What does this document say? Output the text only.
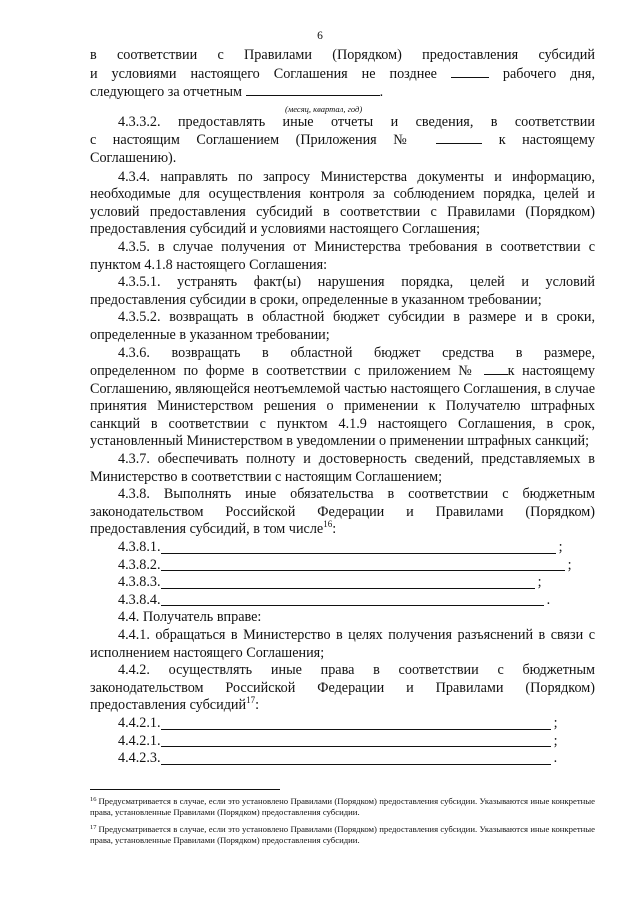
6

в соответствии с Правилами (Порядком) предоставления субсидий

и условиями настоящего Соглашения не позднее	рабочего дня,

следующего за отчетным	.

(месяц, квартал, год)

4.3.3.2. предоставлять иные отчеты и сведения, в соответствии

с настоящим Соглашением (Приложения №	к настоящему

Соглашению).

4.3.4. направлять по запросу Министерства документы и информацию, необходимые для осуществления контроля за соблюдением порядка, целей и условий предоставления субсидий в соответствии с Правилами (Порядком) предоставления субсидий и условиями настоящего Соглашения;

4.3.5. в случае получения от Министерства требования в соответствии с пунктом 4.1.8 настоящего Соглашения:

4.3.5.1. устранять факт(ы) нарушения порядка, целей и условий предоставления субсидии в сроки, определенные в указанном требовании;

4.3.5.2. возвращать в областной бюджет субсидии в размере и в сроки, определенные в указанном требовании;

4.3.6. возвращать в областной бюджет средства в размере,

определенном по форме в соответствии с приложением № к настоящему

Соглашению, являющейся неотъемлемой частью настоящего Соглашения, в случае принятия Министерством решения о применении к Получателю штрафных санкций в соответствии с пунктом 4.1.9 настоящего Соглашения, в срок, установленный Министерством в уведомлении о применении штрафных санкций;

4.3.7. обеспечивать полноту и достоверность сведений, представляемых в Министерство в соответствии с настоящим Соглашением;

4.3.8. Выполнять иные обязательства в соответствии с бюджетным законодательством Российской Федерации и Правилами (Порядком) предоставления субсидий, в том числе$^{16}$:

4.3.8.1.	;
4.3.8.2.	;
4.3.8.3.	;
4.3.8.4.	.

4.4. Получатель вправе:

4.4.1. обращаться в Министерство в целях получения разъяснений в связи с исполнением настоящего Соглашения;

4.4.2. осуществлять иные права в соответствии с бюджетным законодательством Российской Федерации и Правилами (Порядком) предоставления субсидий$^{17}$:

4.4.2.1.	;
4.4.2.1.	;
4.4.2.3.	.

$^{16}$ Предусматривается в случае, если это установлено Правилами (Порядком) предоставления субсидии. Указываются иные конкретные права, установленные Правилами (Порядком) предоставления субсидии.

$^{17}$ Предусматривается в случае, если это установлено Правилами (Порядком) предоставления субсидии. Указываются иные конкретные права, установленные Правилами (Порядком) предоставления субсидии.
